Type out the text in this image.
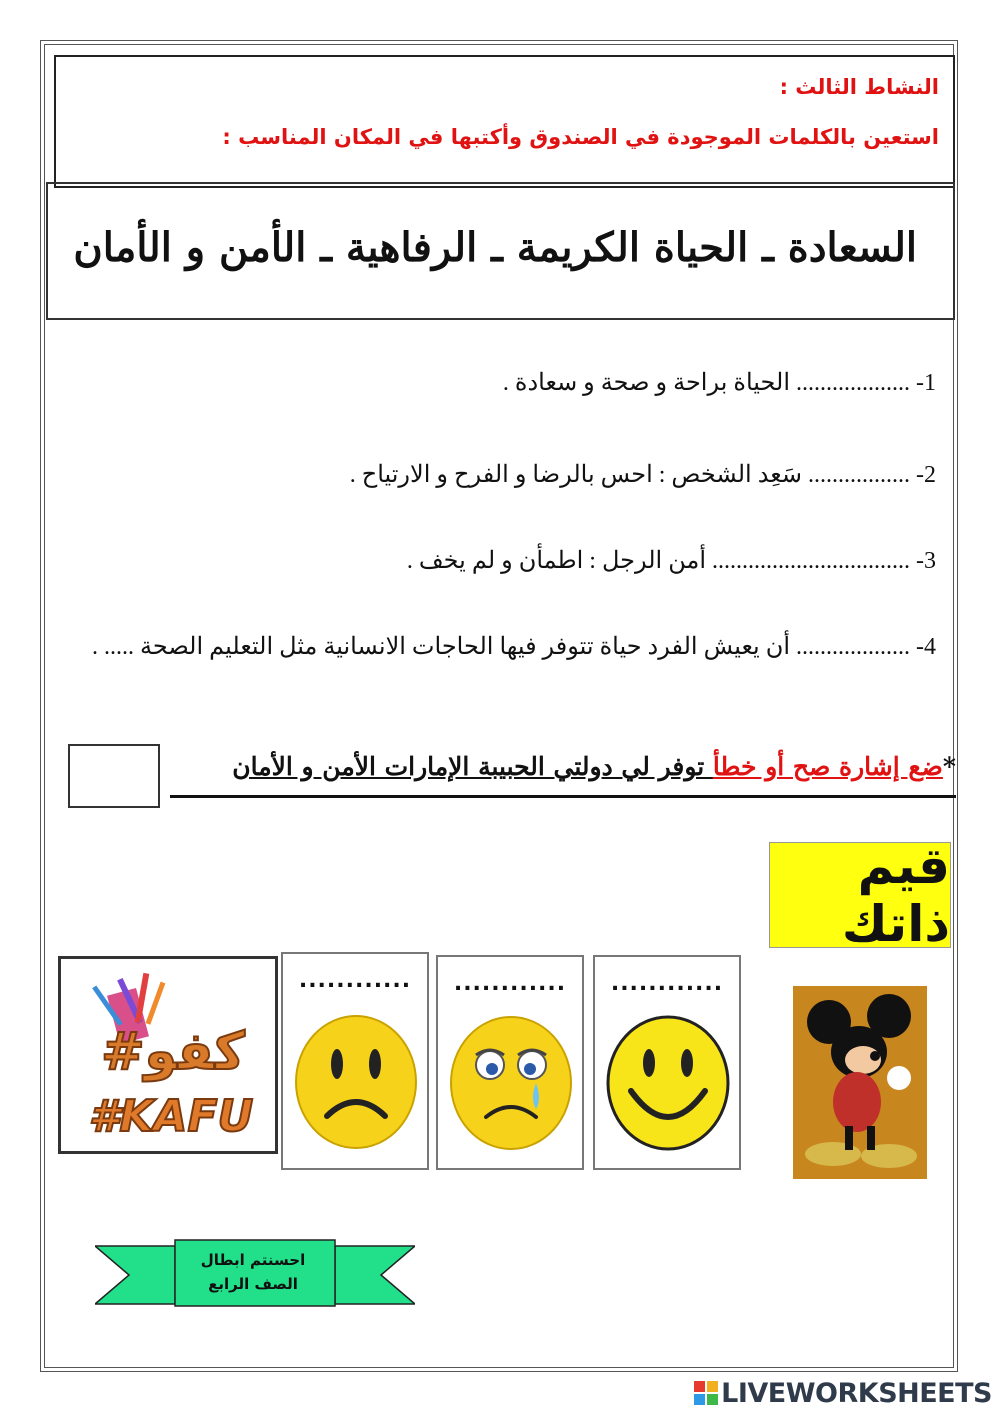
النشاط الثالث :
استعين بالكلمات الموجودة في الصندوق وأكتبها في المكان المناسب :
السعادة ـ الحياة الكريمة ـ الرفاهية ـ الأمن و الأمان
1- ................... الحياة براحة و صحة و سعادة .
2- ................. سَعِد الشخص : احس بالرضا و الفرح و الارتياح .
3- ................................. أمن الرجل : اطمأن و لم يخف .
4- ................... أن يعيش الفرد حياة تتوفر فيها الحاجات الانسانية مثل التعليم الصحة ..... .
*ضع إشارة صح أو خطأ توفر لي دولتي الحبيبة الإمارات الأمن و الأمان
قيم ذاتك
#كفو
#KAFU
............	............	............
احسنتم ابطال
الصف الرابع
LIVEWORKSHEETS
